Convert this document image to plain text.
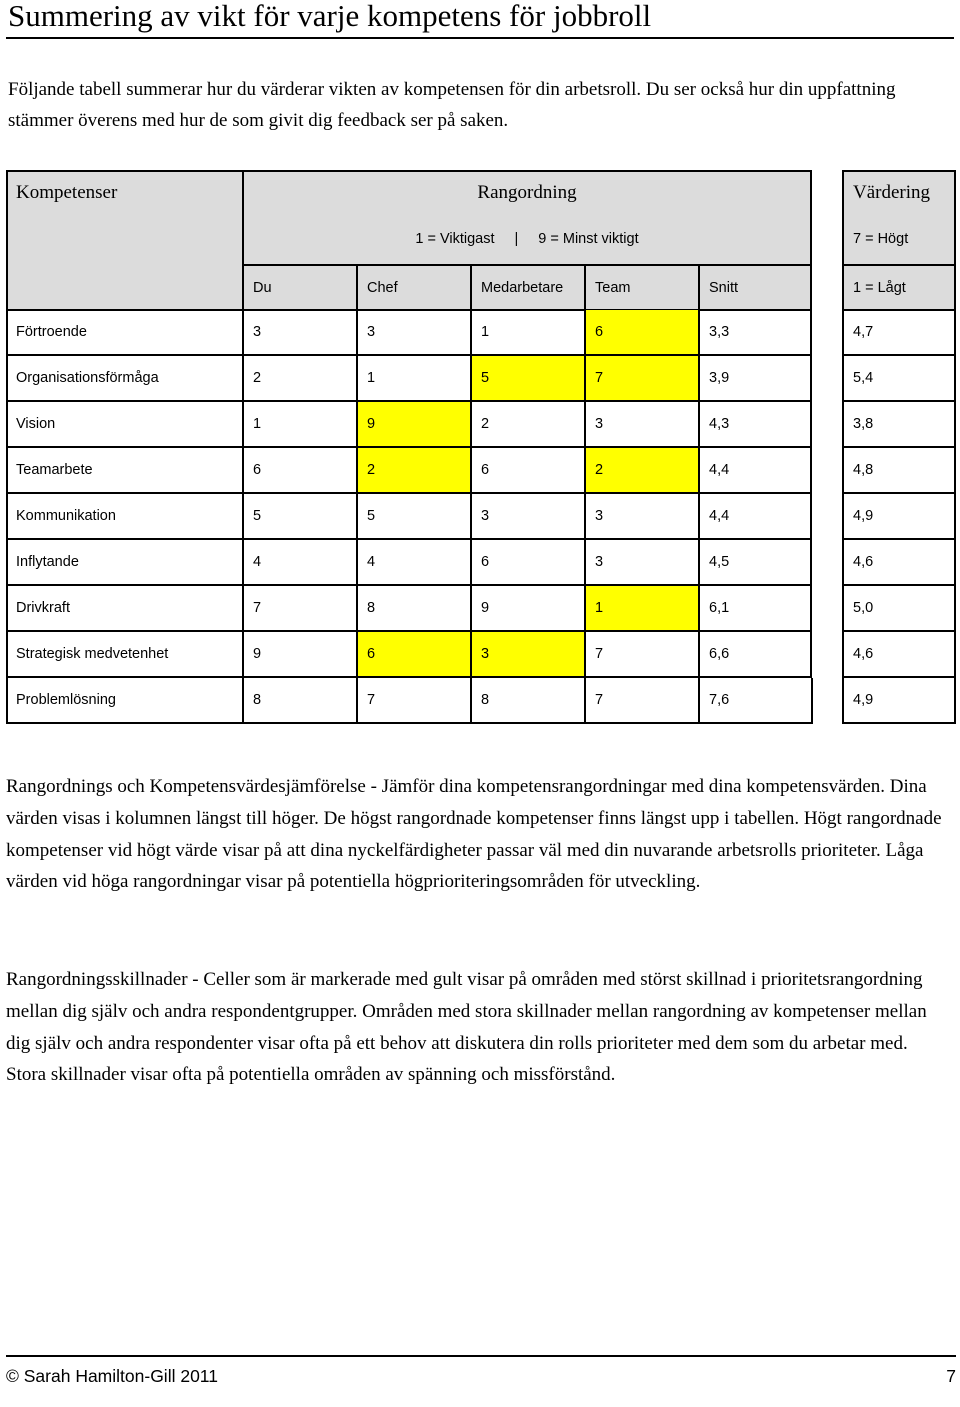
Summering av vikt för varje kompetens för jobbroll
Följande tabell summerar hur du värderar vikten av kompetensen för din arbetsroll. Du ser också hur din uppfattning stämmer överens med hur de som givit dig feedback ser på saken.
Kompetenser	Rangordning
1 = Viktigast | 9 = Minst viktigt
Du	Chef	Medarbetare	Team	Snitt
Värdering
7 = Högt
1 = Lågt
Förtroende	3	3	1	6	3,3	4,7
Organisationsförmåga	2	1	5	7	3,9	5,4
Vision	1	9	2	3	4,3	3,8
Teamarbete	6	2	6	2	4,4	4,8
Kommunikation	5	5	3	3	4,4	4,9
Inflytande	4	4	6	3	4,5	4,6
Drivkraft	7	8	9	1	6,1	5,0
Strategisk medvetenhet	9	6	3	7	6,6	4,6
Problemlösning	8	7	8	7	7,6	4,9
Rangordnings och Kompetensvärdesjämförelse - Jämför dina kompetensrangordningar med dina kompetensvärden. Dina värden visas i kolumnen längst till höger. De högst rangordnade kompetenser finns längst upp i tabellen. Högt rangordnade kompetenser vid högt värde visar på att dina nyckelfärdigheter passar väl med din nuvarande arbetsrolls prioriteter. Låga värden vid höga rangordningar visar på potentiella högprioriteringsområden för utveckling.
Rangordningsskillnader - Celler som är markerade med gult visar på områden med störst skillnad i prioritetsrangordning mellan dig själv och andra respondentgrupper. Områden med stora skillnader mellan rangordning av kompetenser mellan dig själv och andra respondenter visar ofta på ett behov att diskutera din rolls prioriteter med dem som du arbetar med. Stora skillnader visar ofta på potentiella områden av spänning och missförstånd.
© Sarah Hamilton-Gill 2011	7
